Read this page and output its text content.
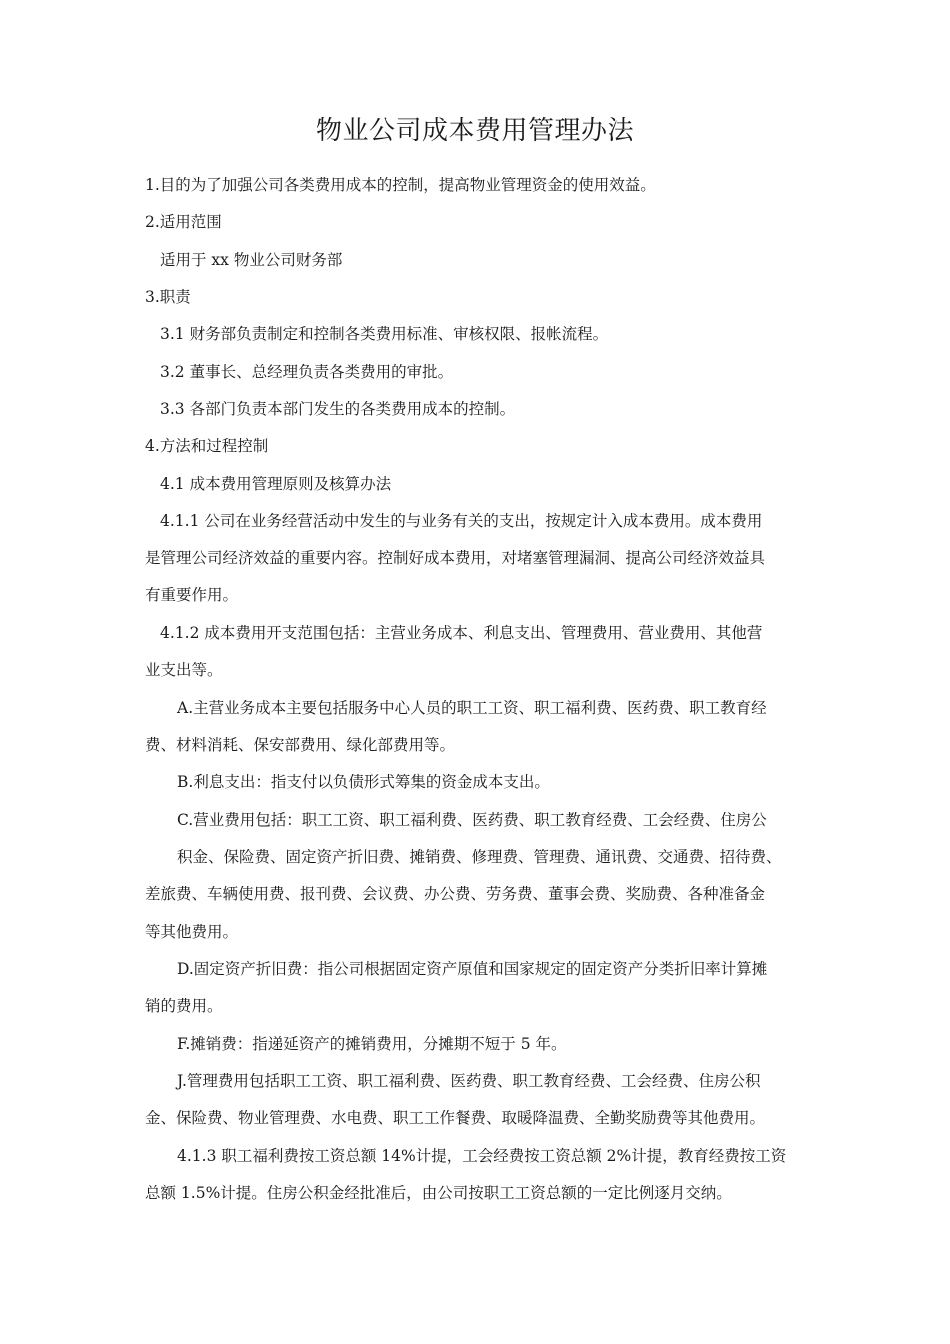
物业公司成本费用管理办法
1.目的为了加强公司各类费用成本的控制，提高物业管理资金的使用效益。
2.适用范围
适用于 xx 物业公司财务部
3.职责
3.1 财务部负责制定和控制各类费用标准、审核权限、报帐流程。
3.2 董事长、总经理负责各类费用的审批。
3.3 各部门负责本部门发生的各类费用成本的控制。
4.方法和过程控制
4.1 成本费用管理原则及核算办法
4.1.1 公司在业务经营活动中发生的与业务有关的支出，按规定计入成本费用。成本费用
是管理公司经济效益的重要内容。控制好成本费用，对堵塞管理漏洞、提高公司经济效益具
有重要作用。
4.1.2 成本费用开支范围包括：主营业务成本、利息支出、管理费用、营业费用、其他营
业支出等。
A.主营业务成本主要包括服务中心人员的职工工资、职工福利费、医药费、职工教育经
费、材料消耗、保安部费用、绿化部费用等。
B.利息支出：指支付以负债形式筹集的资金成本支出。
C.营业费用包括：职工工资、职工福利费、医药费、职工教育经费、工会经费、住房公
积金、保险费、固定资产折旧费、摊销费、修理费、管理费、通讯费、交通费、招待费、
差旅费、车辆使用费、报刊费、会议费、办公费、劳务费、董事会费、奖励费、各种准备金
等其他费用。
D.固定资产折旧费：指公司根据固定资产原值和国家规定的固定资产分类折旧率计算摊
销的费用。
F.摊销费：指递延资产的摊销费用，分摊期不短于 5 年。
J.管理费用包括职工工资、职工福利费、医药费、职工教育经费、工会经费、住房公积
金、保险费、物业管理费、水电费、职工工作餐费、取暖降温费、全勤奖励费等其他费用。
4.1.3 职工福利费按工资总额 14%计提，工会经费按工资总额 2%计提，教育经费按工资
总额 1.5%计提。住房公积金经批准后，由公司按职工工资总额的一定比例逐月交纳。
